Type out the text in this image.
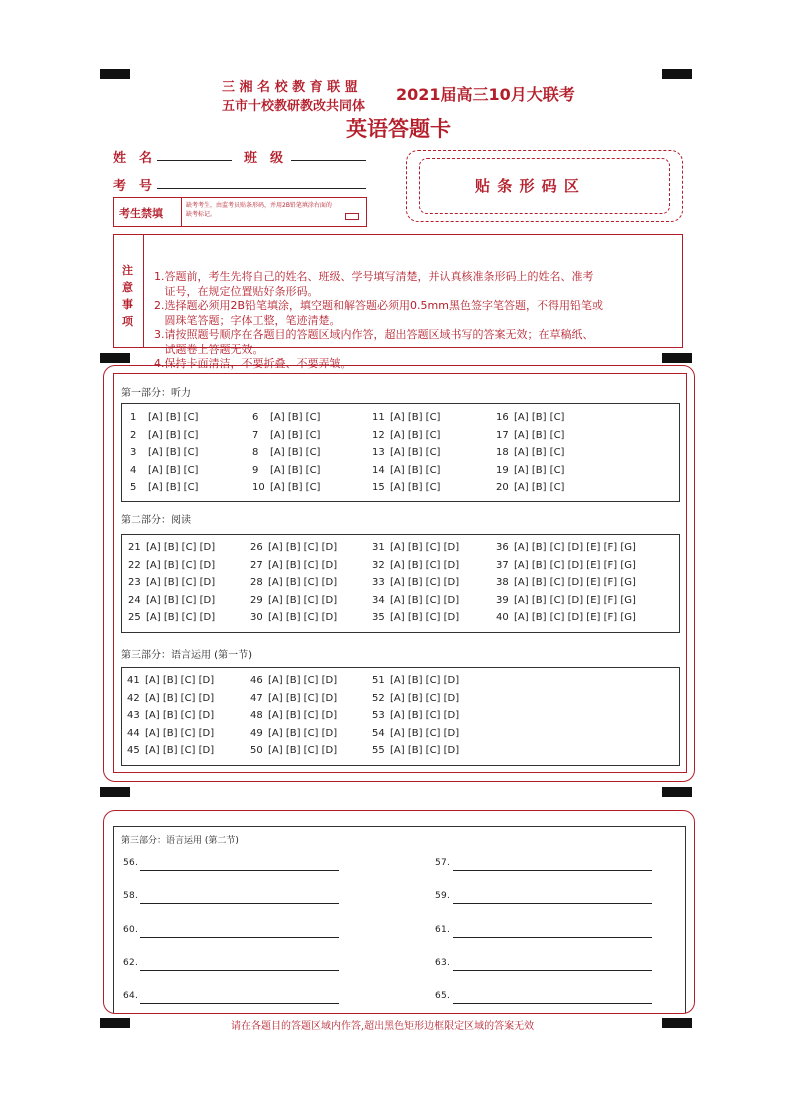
三 湘 名 校 教 育 联 盟
五市十校教研教改共同体
2021届高三10月大联考
英语答题卡
姓　名	班　级
考　号
考生禁填
缺考考生，由监考员贴条形码，并用2B铅笔填涂右面的缺考标记。
贴 条 形 码 区
注
意
事
项

1.答题前，考生先将自己的姓名、班级、学号填写清楚，并认真核准条形码上的姓名、准考
证号，在规定位置贴好条形码。
2.选择题必须用2B铅笔填涂，填空题和解答题必须用0.5mm黑色签字笔答题，不得用铅笔或
圆珠笔答题；字体工整，笔迹清楚。
3.请按照题号顺序在各题目的答题区域内作答，超出答题区域书写的答案无效；在草稿纸、
试题卷上答题无效。
4.保持卡面清洁，不要折叠、不要弄皱。

第一部分：听力
1 [A] [B] [C]
2 [A] [B] [C]
3 [A] [B] [C]
4 [A] [B] [C]
5 [A] [B] [C]
6 [A] [B] [C]
7 [A] [B] [C]
8 [A] [B] [C]
9 [A] [B] [C]
10 [A] [B] [C]
11 [A] [B] [C]
12 [A] [B] [C]
13 [A] [B] [C]
14 [A] [B] [C]
15 [A] [B] [C]
16 [A] [B] [C]
17 [A] [B] [C]
18 [A] [B] [C]
19 [A] [B] [C]
20 [A] [B] [C]
第二部分：阅读
21 [A] [B] [C] [D]
22 [A] [B] [C] [D]
23 [A] [B] [C] [D]
24 [A] [B] [C] [D]
25 [A] [B] [C] [D]
26 [A] [B] [C] [D]
27 [A] [B] [C] [D]
28 [A] [B] [C] [D]
29 [A] [B] [C] [D]
30 [A] [B] [C] [D]
31 [A] [B] [C] [D]
32 [A] [B] [C] [D]
33 [A] [B] [C] [D]
34 [A] [B] [C] [D]
35 [A] [B] [C] [D]
36 [A] [B] [C] [D] [E] [F] [G]
37 [A] [B] [C] [D] [E] [F] [G]
38 [A] [B] [C] [D] [E] [F] [G]
39 [A] [B] [C] [D] [E] [F] [G]
40 [A] [B] [C] [D] [E] [F] [G]
第三部分：语言运用 (第一节)
41 [A] [B] [C] [D]
42 [A] [B] [C] [D]
43 [A] [B] [C] [D]
44 [A] [B] [C] [D]
45 [A] [B] [C] [D]
46 [A] [B] [C] [D]
47 [A] [B] [C] [D]
48 [A] [B] [C] [D]
49 [A] [B] [C] [D]
50 [A] [B] [C] [D]
51 [A] [B] [C] [D]
52 [A] [B] [C] [D]
53 [A] [B] [C] [D]
54 [A] [B] [C] [D]
55 [A] [B] [C] [D]
第三部分：语言运用 (第二节)
56.
58.
60.
62.
64.
57.
59.
61.
63.
65.
请在各题目的答题区域内作答,超出黑色矩形边框限定区域的答案无效
